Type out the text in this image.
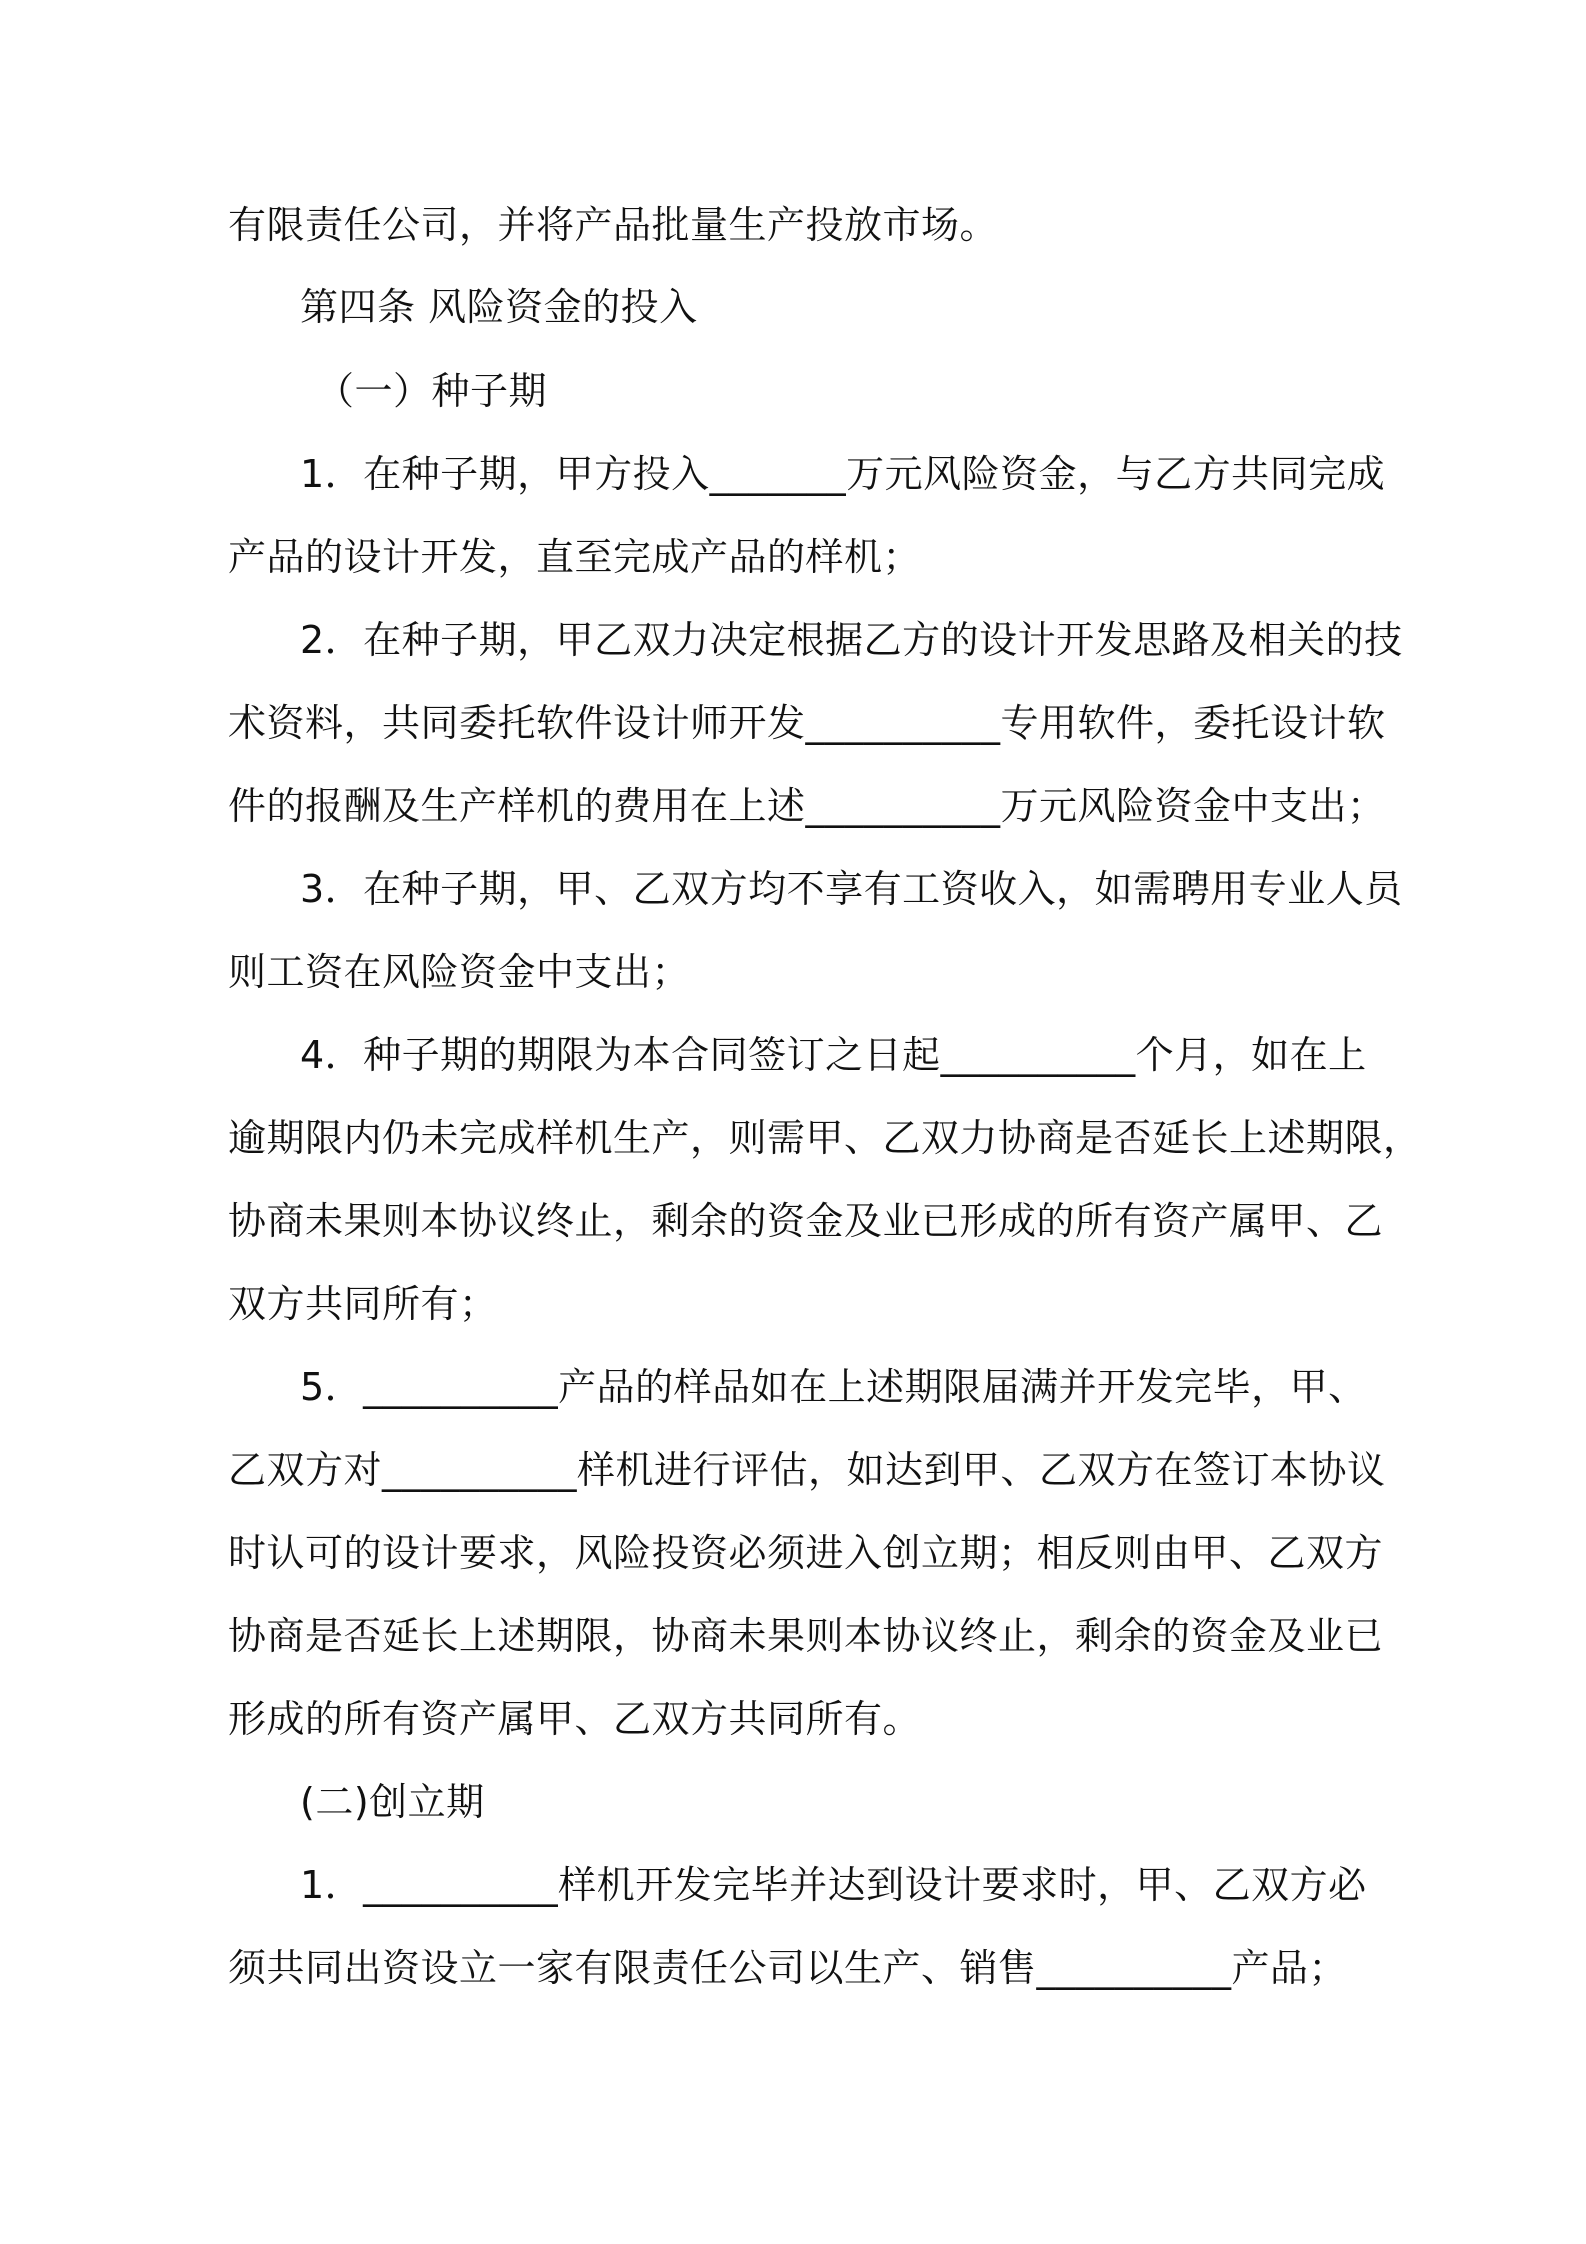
有限责任公司，并将产品批量生产投放市场。
第四条 风险资金的投入
（一）种子期
1．在种子期，甲方投入_______万元风险资金，与乙方共同完成
产品的设计开发，直至完成产品的样机；
2．在种子期，甲乙双力决定根据乙方的设计开发思路及相关的技
术资料，共同委托软件设计师开发__________专用软件，委托设计软
件的报酬及生产样机的费用在上述__________万元风险资金中支出；
3．在种子期，甲、乙双方均不享有工资收入，如需聘用专业人员
则工资在风险资金中支出；
4．种子期的期限为本合同签订之日起__________个月，如在上
逾期限内仍未完成样机生产，则需甲、乙双力协商是否延长上述期限，
协商未果则本协议终止，剩余的资金及业已形成的所有资产属甲、乙
双方共同所有；
5．__________产品的样品如在上述期限届满并开发完毕，甲、
乙双方对__________样机进行评估，如达到甲、乙双方在签订本协议
时认可的设计要求，风险投资必须进入创立期；相反则由甲、乙双方
协商是否延长上述期限，协商未果则本协议终止，剩余的资金及业已
形成的所有资产属甲、乙双方共同所有。
(二)创立期
1．__________样机开发完毕并达到设计要求时，甲、乙双方必
须共同出资设立一家有限责任公司以生产、销售__________产品；
